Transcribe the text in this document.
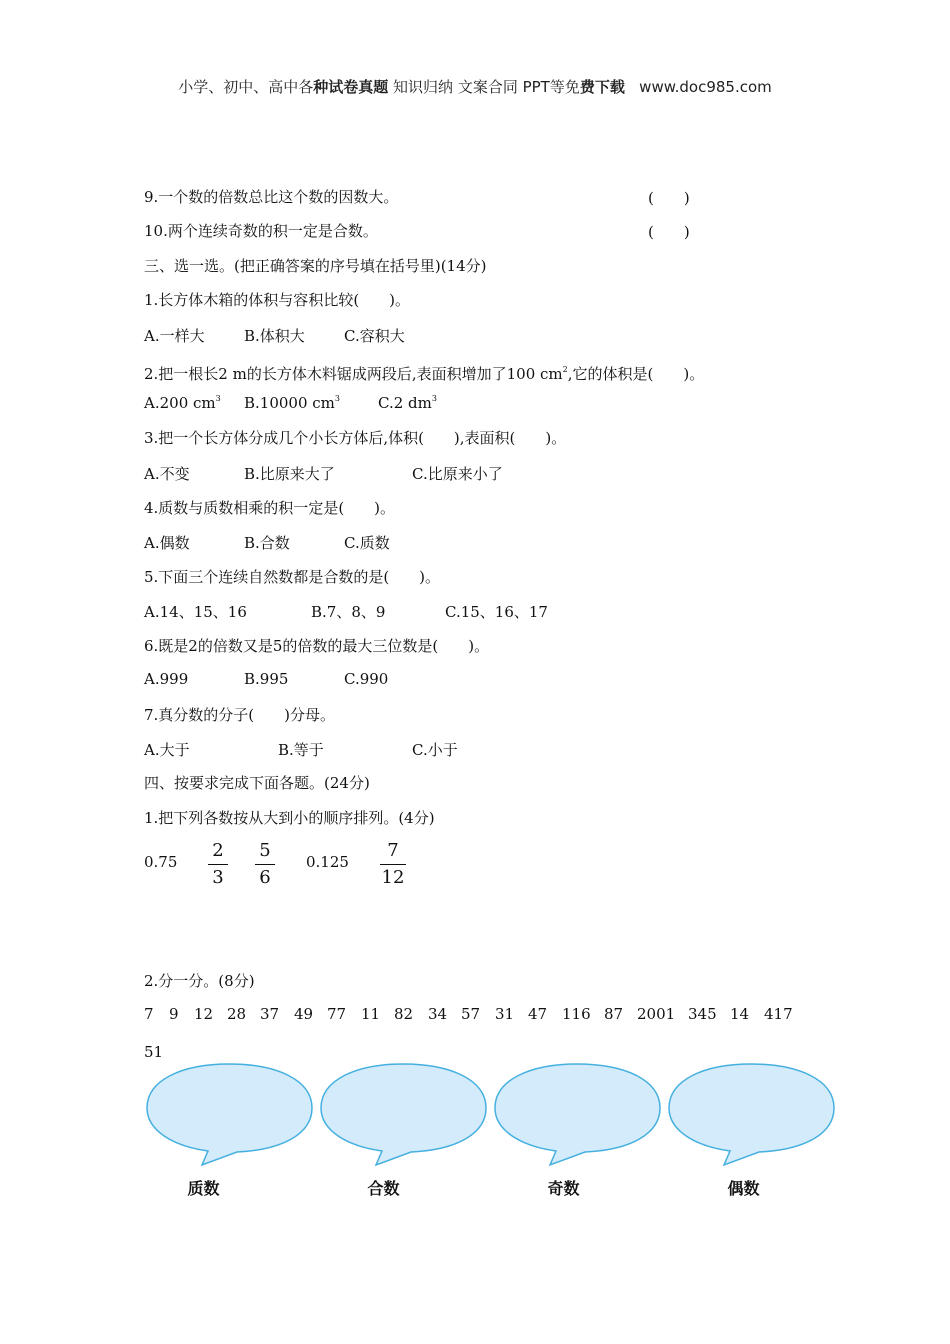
小学、初中、高中各种试卷真题 知识归纳 文案合同 PPT等免费下载 www.doc985.com
9.一个数的倍数总比这个数的因数大。	(　　)
10.两个连续奇数的积一定是合数。	(　　)
三、选一选。(把正确答案的序号填在括号里)(14分)
1.长方体木箱的体积与容积比较(　　)。
A.一样大	B.体积大	C.容积大
2.把一根长2 m的长方体木料锯成两段后,表面积增加了100 $cm^2$,它的体积是(　　)。
A.200 $cm^3$ B.10000 $cm^3$	C.2 $dm^3$
3.把一个长方体分成几个小长方体后,体积(　　),表面积(　　)。
A.不变	B.比原来大了	C.比原来小了
4.质数与质数相乘的积一定是(　　)。
A.偶数	B.合数	C.质数
5.下面三个连续自然数都是合数的是(　　)。
A.14、15、16	B.7、8、9	C.15、16、17
6.既是2的倍数又是5的倍数的最大三位数是(　　)。
A.999	B.995	C.990
7.真分数的分子(　　)分母。
A.大于	B.等于	C.小于
四、按要求完成下面各题。(24分)
1.把下列各数按从大到小的顺序排列。(4分)
0.75
2
3
5
6
0.125
7
12
2.分一分。(8分)
7 9 12 28 37 49 77 11 82 34 57 31 47 116 87 2001 345 14 417
51
质数	合数	奇数	偶数
